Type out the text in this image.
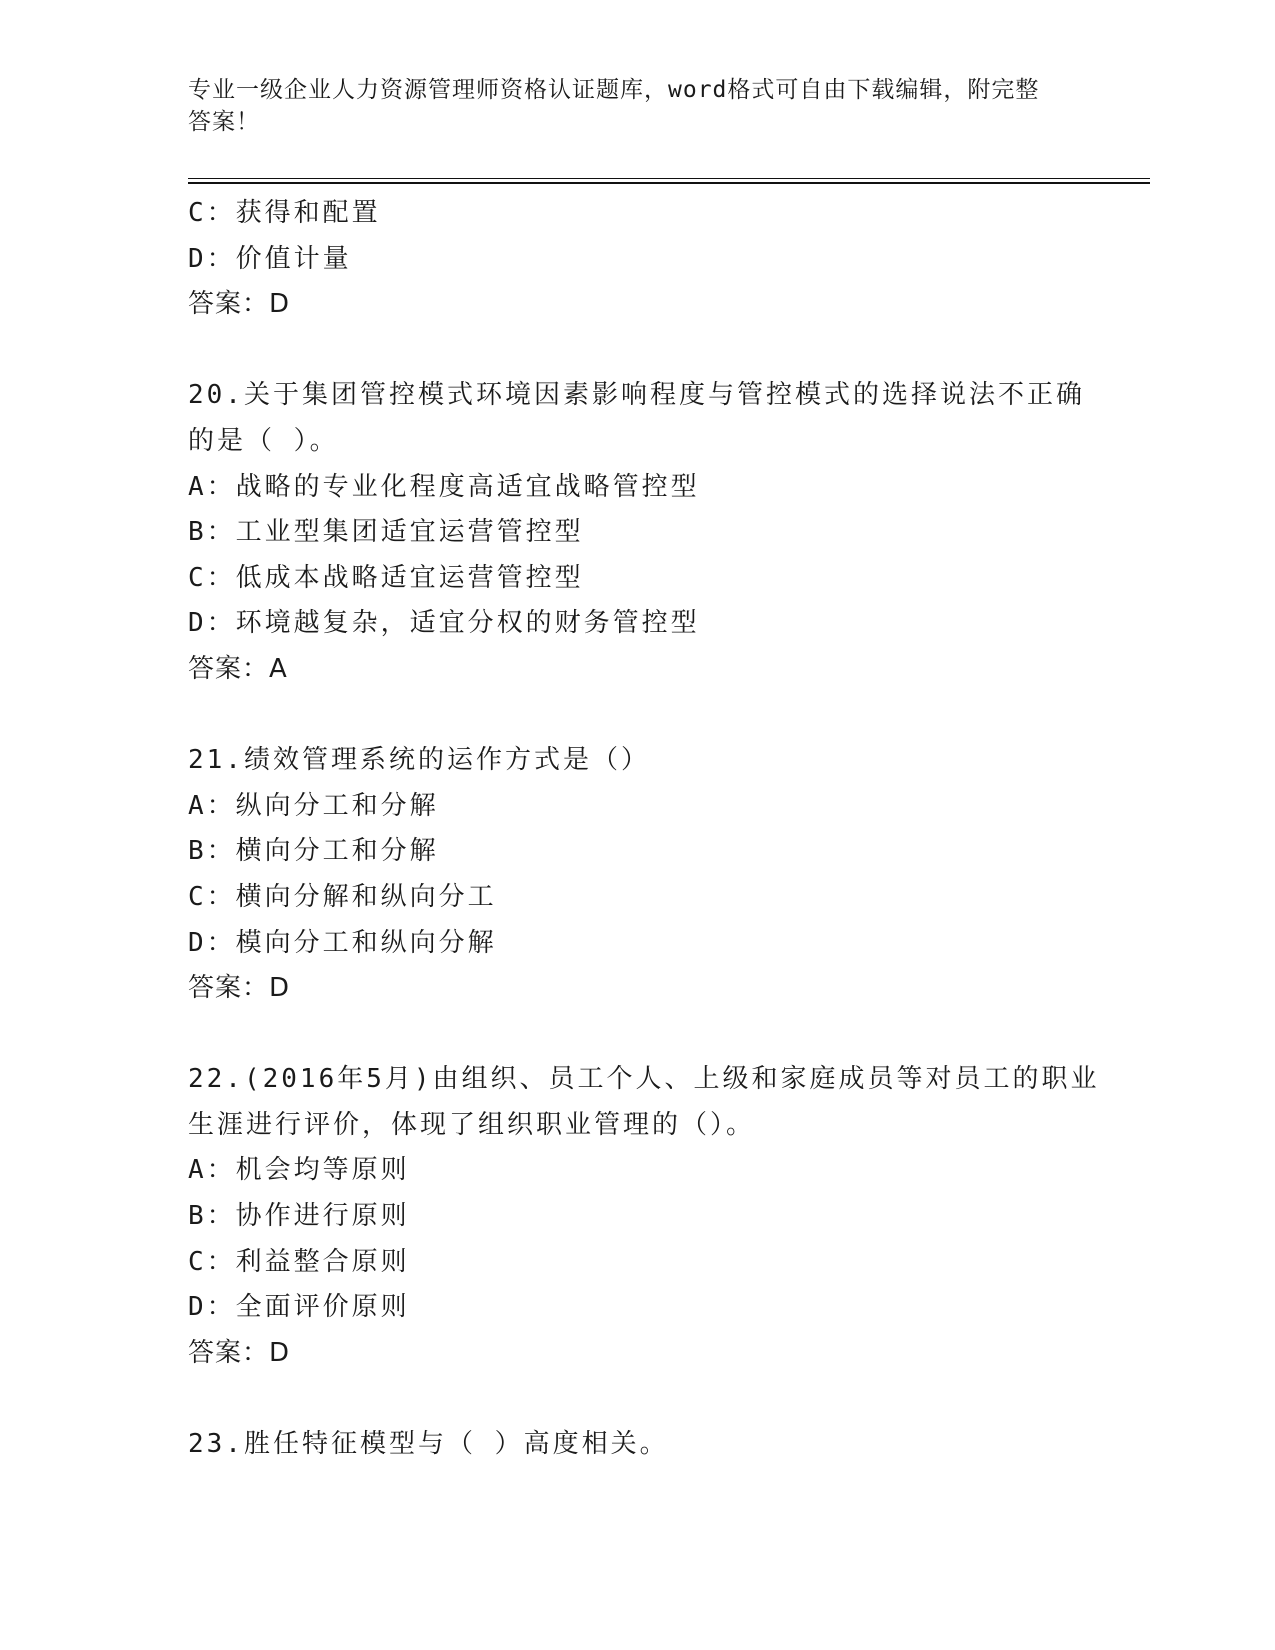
专业一级企业人力资源管理师资格认证题库，word格式可自由下载编辑，附完整
答案！
C：获得和配置
D：价值计量
答案：D
20.关于集团管控模式环境因素影响程度与管控模式的选择说法不正确
的是（ ）。
A：战略的专业化程度高适宜战略管控型
B：工业型集团适宜运营管控型
C：低成本战略适宜运营管控型
D：环境越复杂，适宜分权的财务管控型
答案：A
21.绩效管理系统的运作方式是（）
A：纵向分工和分解
B：横向分工和分解
C：横向分解和纵向分工
D：模向分工和纵向分解
答案：D
22.(2016年5月)由组织、员工个人、上级和家庭成员等对员工的职业
生涯进行评价，体现了组织职业管理的（）。
A：机会均等原则
B：协作进行原则
C：利益整合原则
D：全面评价原则
答案：D
23.胜任特征模型与（ ）高度相关。
